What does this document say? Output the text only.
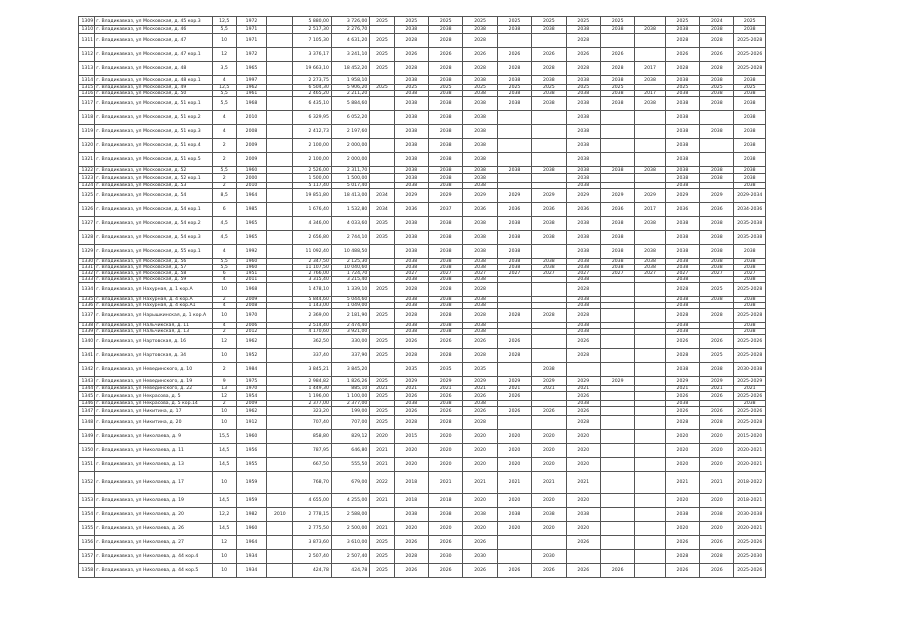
1309	г. Владикавказ, ул Московская, д. 45 кор.3	12,5	1972		5 880,00	3 726,00	2025	2025	2025	2025	2025	2025	2025	2025		2025	2024	2025
1310	г. Владикавказ, ул Московская, д. 46	5,5	1971		2 517,30	2 276,70		2038	2038	2038	2038	2038	2038	2038	2038	2038	2038	2038
1311	г. Владикавказ, ул Московская, д. 47	10	1971		7 105,30	4 631,20	2025	2028	2028	2028			2028			2028	2028	2025-2028
1312	г. Владикавказ, ул Московская, д. 47 кор.1	12	1972		3 376,17	3 241,10	2025	2026	2026	2026	2026	2026	2026	2026		2026	2026	2025-2026
1313	г. Владикавказ, ул Московская, д. 48	3,5	1965		19 663,10	18 452,20	2025	2028	2028	2028	2028	2028	2028	2028	2017	2028	2028	2025-2028
1314	г. Владикавказ, ул Московская, д. 48 кор.1	4	1997		2 273,75	1 958,10		2038	2038	2038	2038	2038	2038	2038	2038	2038	2038	2038
1315	г. Владикавказ, ул Московская, д. 49	12,5	1962		6 504,30	5 906,20	2025	2025	2025	2025	2025	2025	2025	2025		2025	2025	2025
1316	г. Владикавказ, ул Московская, д. 50	5,5	1961		2 465,20	2 211,20		2038	2038	2038	2038	2038	2038	2038	2017	2038	2038	2038
1317	г. Владикавказ, ул Московская, д. 51 кор.1	5,5	1968		6 435,10	5 884,60		2038	2038	2038	2038	2038	2038	2038	2038	2038	2038	2038
1318	г. Владикавказ, ул Московская, д. 51 кор.2	4	2010		6 329,95	6 052,20		2038	2038	2038			2038			2038		2038
1319	г. Владикавказ, ул Московская, д. 51 кор.3	4	2008		2 412,73	2 197,60		2038	2038	2038			2038			2038	2038	2038
1320	г. Владикавказ, ул Московская, д. 51 кор.4	2	2009		2 100,00	2 000,00		2038	2038	2038			2038			2038		2038
1321	г. Владикавказ, ул Московская, д. 51 кор.5	2	2009		2 100,00	2 000,00		2038	2038	2038			2038			2038		2038
1322	г. Владикавказ, ул Московская, д. 52	5,5	1960		2 526,00	2 311,70		2038	2038	2038	2038	2038	2038	2038	2038	2038	2038	2038
1323	г. Владикавказ, ул Московская, д. 52 кор.1	2	2000		1 500,00	1 500,00		2038	2038	2038			2038			2038	2038	2038
1324	г. Владикавказ, ул Московская, д. 53	2	2010		5 117,40	5 017,40		2038	2038	2038			2038			2038		2038
1325	г. Владикавказ, ул Московская, д. 54	8,5	1964		19 851,80	18 413,00	2034	2029	2029	2029	2029	2029	2029	2029	2029	2029	2029	2029-2034
1326	г. Владикавказ, ул Московская, д. 54 кор.1	6	1985		1 676,40	1 532,80	2034	2036	2037	2036	2036	2036	2036	2036	2017	2036	2036	2034-2036
1327	г. Владикавказ, ул Московская, д. 54 кор.2	4,5	1965		4 346,00	4 033,60	2035	2038	2038	2038	2038	2038	2038	2038	2038	2038	2038	2035-2038
1328	г. Владикавказ, ул Московская, д. 54 кор.3	4,5	1965		2 656,80	2 744,10	2035	2038	2038	2038	2038	2038	2038	2038		2038	2038	2035-2038
1329	г. Владикавказ, ул Московская, д. 55 кор.1	4	1992		11 092,40	10 488,50		2038	2038	2038	2038		2038	2038	2038	2038	2038	2038
1330	г. Владикавказ, ул Московская, д. 56	5,5	1960		2 347,50	2 125,30		2038	2038	2038	2038	2038	2038	2038	2038	2038	2038	2038
1331	г. Владикавказ, ул Московская, д. 57	5,5	1960		11 107,50	10 040,60		2038	2038	2038	2038	2038	2038	2038	2038	2038	2038	2038
1332	г. Владикавказ, ул Московская, д. 58	6	1951		2 766,00	1 724,70		2027	2027	2027	2027	2027	2027	2027	2027	2027	2027	2027
1333	г. Владикавказ, ул Московская, д. 59	4	2011		3 315,40	3 215,40		2038	2038	2038			2038			2038		2038
1334	г. Владикавказ, ул Нахурная, д. 1 кор.А	10	1968		1 478,10	1 339,10	2025	2028	2028	2028			2028			2028	2025	2025-2028
1335	г. Владикавказ, ул Нахурная, д. 4 кор.А	2	2009		5 844,60	5 044,60		2038	2038	2038			2038			2038	2038	2038
1336	г. Владикавказ, ул Нахурная, д. 4 кор.А1	4	2008		1 143,00	1 049,00		2038	2038	2038			2038			2038		2038
1337	г. Владикавказ, ул Нарышкинская, д. 1 кор.А	10	1970		2 369,00	2 181,90	2025	2028	2028	2028	2028	2028	2028			2028	2028	2025-2028
1338	г. Владикавказ, ул Нальчикская, д. 11	4	2006		2 514,40	2 474,40		2038	2038	2038			2038			2038		2038
1339	г. Владикавказ, ул Нальчикская, д. 13	2	2012		4 170,60	3 921,00		2038	2038	2038			2038			2038		2038
1340	г. Владикавказ, ул Нартовская, д. 16	12	1962		362,50	330,00	2025	2026	2026	2026	2026		2026			2026	2026	2025-2026
1341	г. Владикавказ, ул Нартовская, д. 34	10	1952		337,40	337,90	2025	2028	2028	2028	2028		2028			2028	2025	2025-2028
1342	г. Владикавказ, ул Невединского, д. 10	2	1984		3 845,21	3 845,20		2035	2035	2035		2038				2038	2038	2030-2038
1343	г. Владикавказ, ул Невединского, д. 19	9	1975		2 984,82	1 826,26	2025	2029	2029	2029	2029	2029	2029	2029		2029	2029	2025-2029
1344	г. Владикавказ, ул Невединского, д. 22	13	1970		1 449,30	885,10	2021	2021	2021	2021	2021	2021	2021			2021	2021	2021
1345	г. Владикавказ, ул Некрасова, д. 5	12	1954		1 196,00	1 100,00	2025	2026	2026	2026	2026		2026			2026	2026	2025-2026
1346	г. Владикавказ, ул Некрасова, д. 5 кор.14	2	2009		2 377,00	2 377,00		2038	2038	2038			2038			2038		2038
1347	г. Владикавказ, ул Никитина, д. 17	10	1962		323,20	199,00	2025	2026	2026	2026	2026	2026	2026			2026	2026	2025-2026
1348	г. Владикавказ, ул Никитина, д. 20	10	1912		707,40	707,00	2025	2028	2028	2028			2028			2028	2028	2025-2028
1349	г. Владикавказ, ул Николаева, д. 9	15,5	1960		858,80	829,12	2020	2015	2020	2020	2020	2020	2020			2020	2020	2015-2020
1350	г. Владикавказ, ул Николаева, д. 11	14,5	1956		787,95	646,80	2021	2020	2020	2020	2020	2020	2020			2020	2020	2020-2021
1351	г. Владикавказ, ул Николаева, д. 13	14,5	1955		667,50	555,50	2021	2020	2020	2020	2020	2020	2020			2020	2020	2020-2021
1352	г. Владикавказ, ул Николаева, д. 17	10	1959		768,70	679,00	2022	2018	2021	2021	2021	2021	2021			2021	2021	2018-2022
1353	г. Владикавказ, ул Николаева, д. 19	14,5	1959		4 655,00	4 255,00	2021	2018	2018	2020	2020	2020	2020			2020	2020	2018-2021
1354	г. Владикавказ, ул Николаева, д. 20	12,2	1982	2010	2 778,15	2 588,00		2038	2038	2038	2038	2038	2038			2038	2038	2030-2038
1355	г. Владикавказ, ул Николаева, д. 26	14,5	1960		2 775,50	2 500,00	2021	2020	2020	2020	2020	2020	2020			2020	2020	2020-2021
1356	г. Владикавказ, ул Николаева, д. 27	12	1964		3 873,60	3 610,00	2025	2026	2026	2026			2026			2026	2026	2025-2026
1357	г. Владикавказ, ул Николаева, д. 44 кор.4	10	1934		2 507,40	2 507,40	2025	2028	2030	2030		2030				2028	2028	2025-2030
1358	г. Владикавказ, ул Николаева, д. 44 кор.5	10	1934		424,78	424,78	2025	2026	2026	2026	2026	2026	2026	2026		2026	2026	2025-2026
